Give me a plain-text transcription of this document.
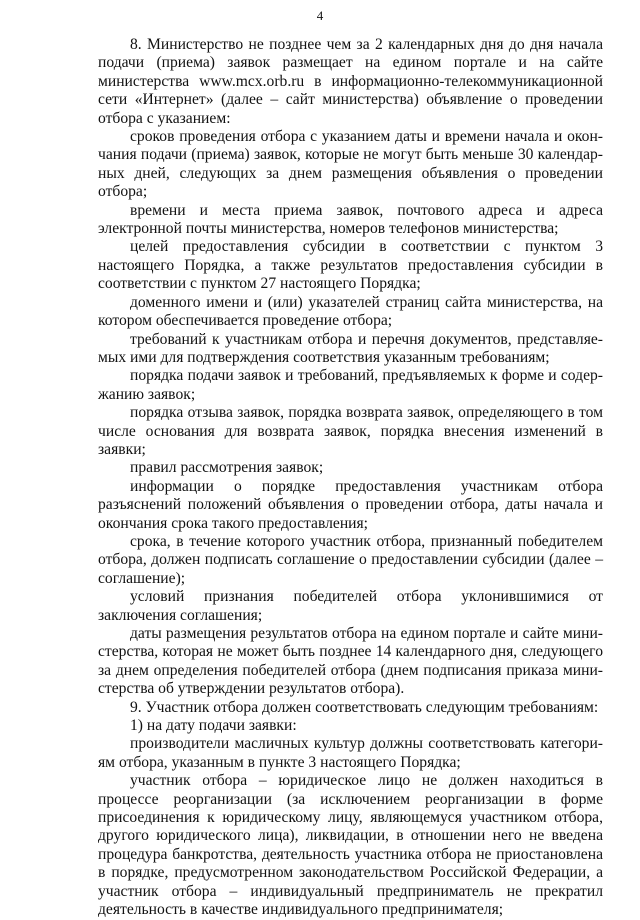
4

8. Министерство не позднее чем за 2 календарных дня до дня начала подачи (приема) заявок размещает на едином портале и на сайте министерства www.mcx.orb.ru в информационно-телекоммуникационной сети «Интернет» (далее – сайт министерства) объявление о проведении отбора с указанием:

сроков проведения отбора с указанием даты и времени начала и окончания подачи (приема) заявок, которые не могут быть меньше 30 календарных дней, следующих за днем размещения объявления о проведении отбора;

времени и места приема заявок, почтового адреса и адреса электронной почты министерства, номеров телефонов министерства;

целей предоставления субсидии в соответствии с пунктом 3 настоящего Порядка, а также результатов предоставления субсидии в соответствии с пунктом 27 настоящего Порядка;

доменного имени и (или) указателей страниц сайта министерства, на котором обеспечивается проведение отбора;

требований к участникам отбора и перечня документов, представляемых ими для подтверждения соответствия указанным требованиям;

порядка подачи заявок и требований, предъявляемых к форме и содержанию заявок;

порядка отзыва заявок, порядка возврата заявок, определяющего в том числе основания для возврата заявок, порядка внесения изменений в заявки;

правил рассмотрения заявок;

информации о порядке предоставления участникам отбора разъяснений положений объявления о проведении отбора, даты начала и окончания срока такого предоставления;

срока, в течение которого участник отбора, признанный победителем отбора, должен подписать соглашение о предоставлении субсидии (далее – соглашение);

условий признания победителей отбора уклонившимися от заключения соглашения;

даты размещения результатов отбора на едином портале и сайте министерства, которая не может быть позднее 14 календарного дня, следующего за днем определения победителей отбора (днем подписания приказа министерства об утверждении результатов отбора).

9. Участник отбора должен соответствовать следующим требованиям:

1) на дату подачи заявки:

производители масличных культур должны соответствовать категориям отбора, указанным в пункте 3 настоящего Порядка;

участник отбора – юридическое лицо не должен находиться в процессе реорганизации (за исключением реорганизации в форме присоединения к юридическому лицу, являющемуся участником отбора, другого юридического лица), ликвидации, в отношении него не введена процедура банкротства, деятельность участника отбора не приостановлена в порядке, предусмотренном законодательством Российской Федерации, а участник отбора – индивидуальный предприниматель не прекратил деятельность в качестве индивидуального предпринимателя;
